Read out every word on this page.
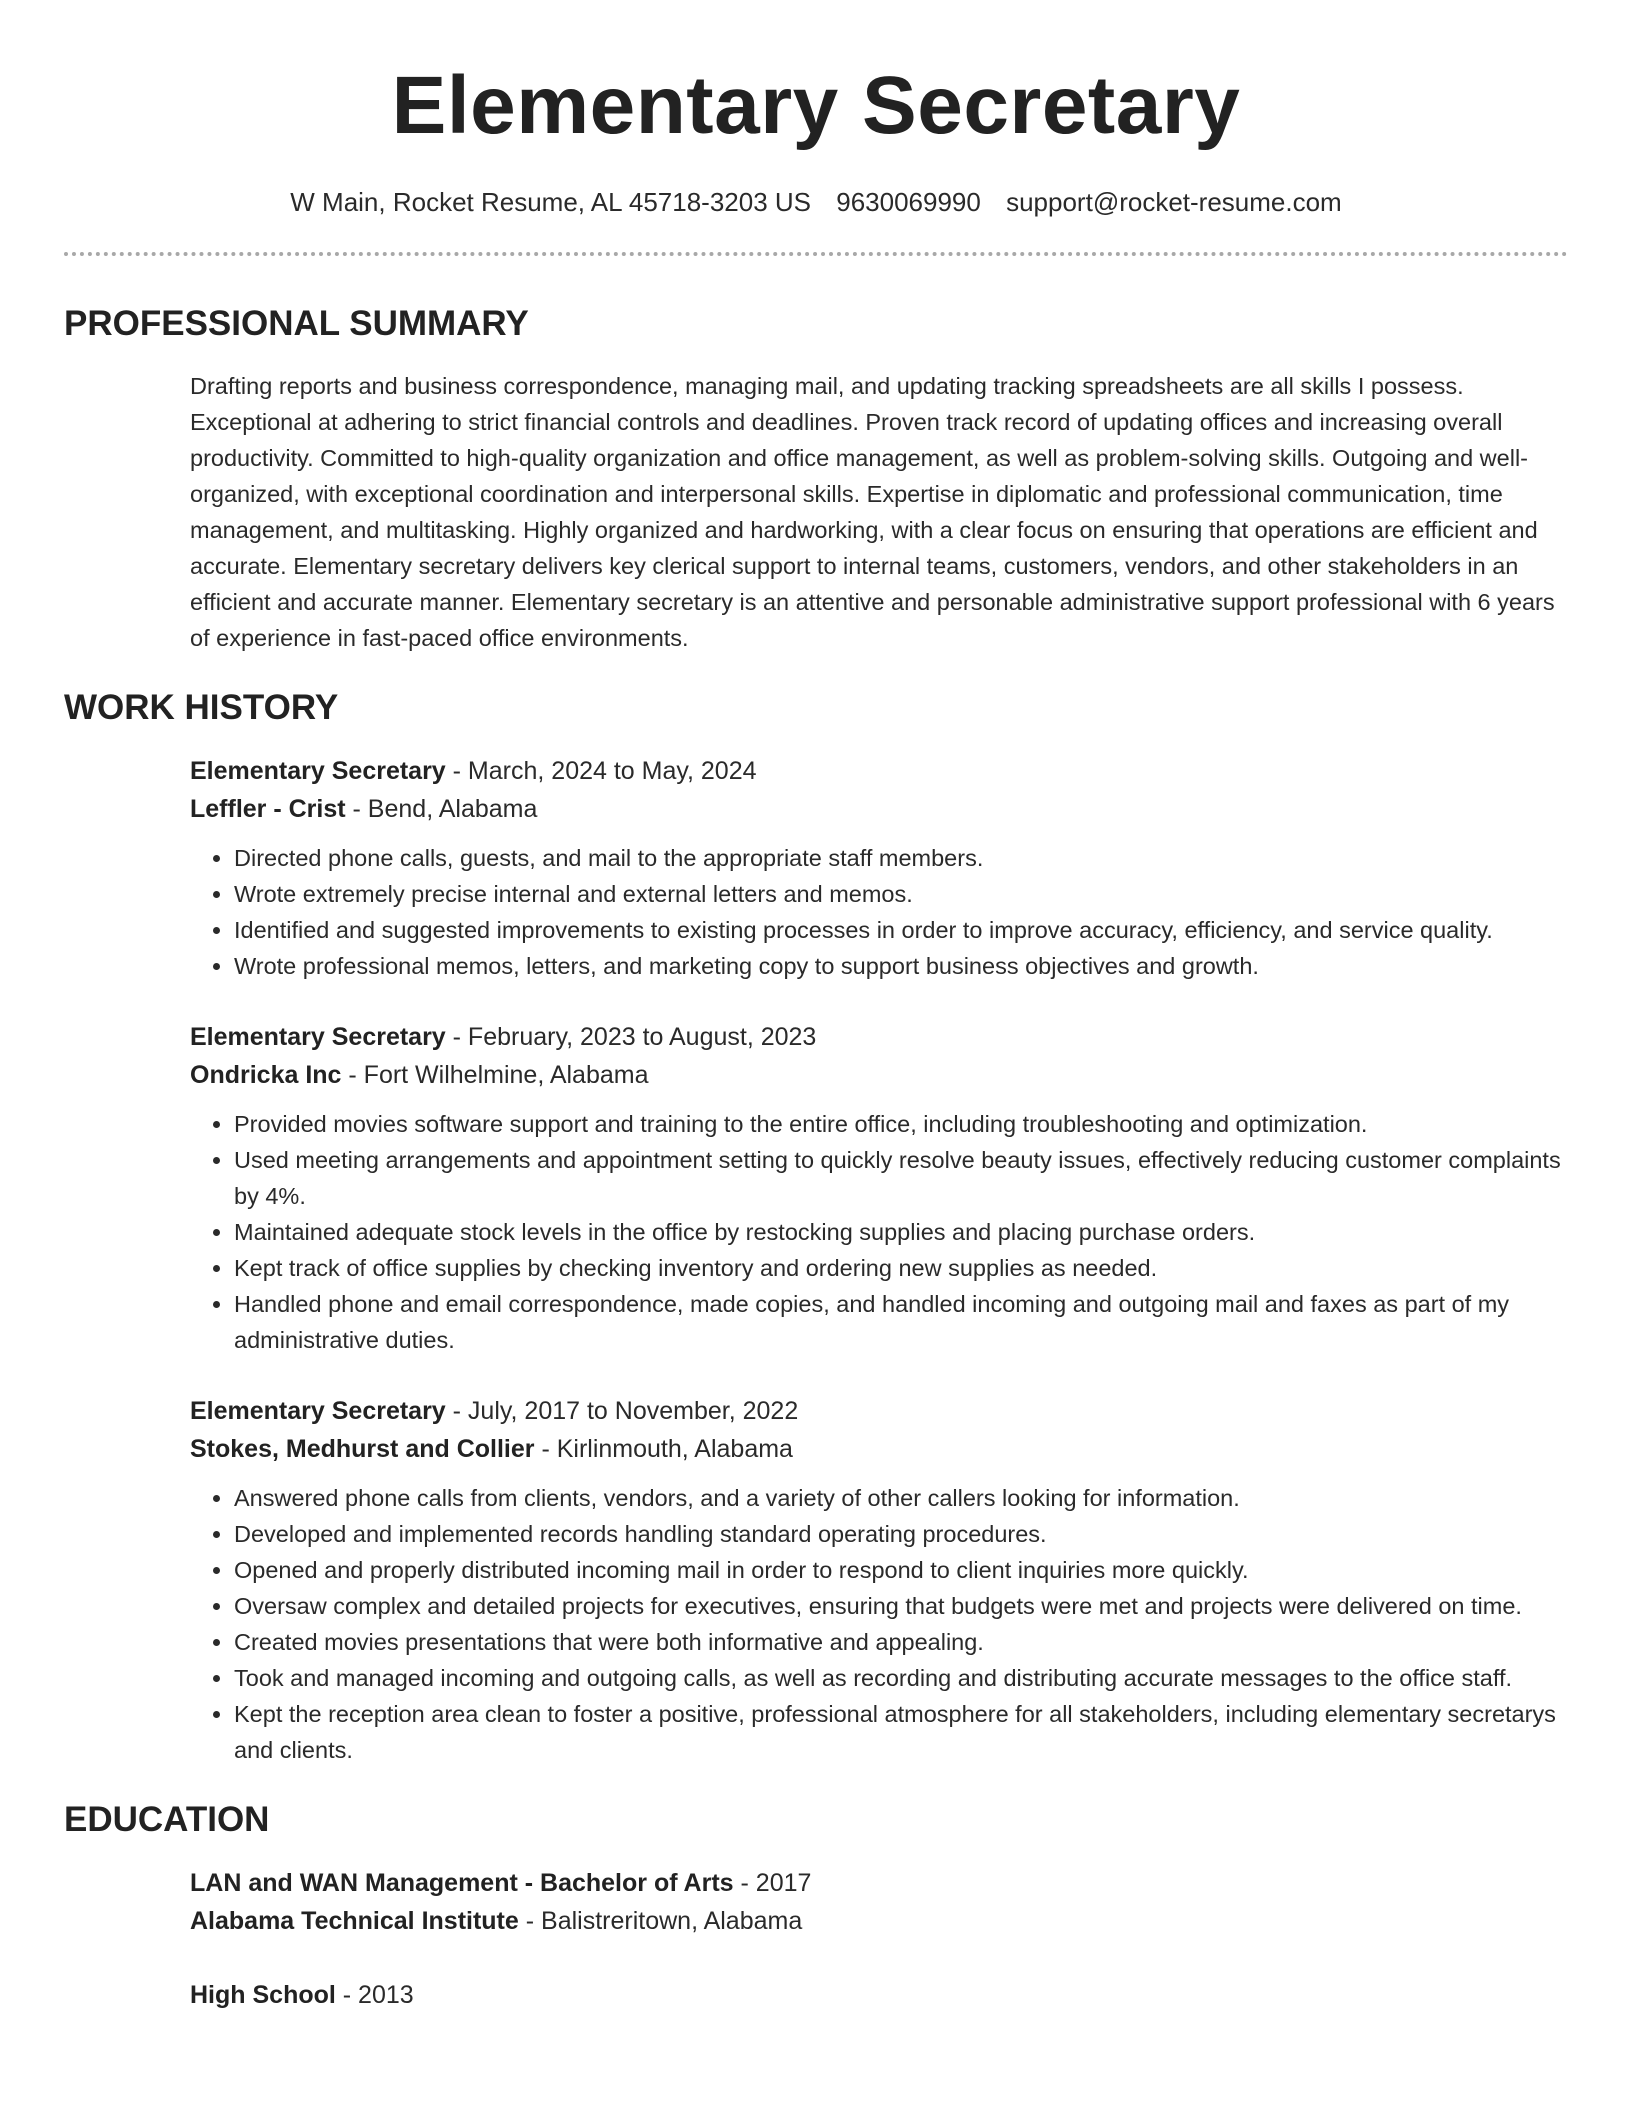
Elementary Secretary
W Main, Rocket Resume, AL 45718-3203 US 9630069990 support@rocket-resume.com
PROFESSIONAL SUMMARY

Drafting reports and business correspondence, managing mail, and updating tracking spreadsheets are all skills I possess. Exceptional at adhering to strict financial controls and deadlines. Proven track record of updating offices and increasing overall productivity. Committed to high-quality organization and office management, as well as problem-solving skills. Outgoing and well-organized, with exceptional coordination and interpersonal skills. Expertise in diplomatic and professional communication, time management, and multitasking. Highly organized and hardworking, with a clear focus on ensuring that operations are efficient and accurate. Elementary secretary delivers key clerical support to internal teams, customers, vendors, and other stakeholders in an efficient and accurate manner. Elementary secretary is an attentive and personable administrative support professional with 6 years of experience in fast-paced office environments.

WORK HISTORY
Elementary Secretary - March, 2024 to May, 2024
Leffler - Crist - Bend, Alabama
• Directed phone calls, guests, and mail to the appropriate staff members.
• Wrote extremely precise internal and external letters and memos.
• Identified and suggested improvements to existing processes in order to improve accuracy, efficiency, and service quality.
• Wrote professional memos, letters, and marketing copy to support business objectives and growth.
Elementary Secretary - February, 2023 to August, 2023
Ondricka Inc - Fort Wilhelmine, Alabama
• Provided movies software support and training to the entire office, including troubleshooting and optimization.
• Used meeting arrangements and appointment setting to quickly resolve beauty issues, effectively reducing customer complaints by 4%.
• Maintained adequate stock levels in the office by restocking supplies and placing purchase orders.
• Kept track of office supplies by checking inventory and ordering new supplies as needed.
• Handled phone and email correspondence, made copies, and handled incoming and outgoing mail and faxes as part of my administrative duties.
Elementary Secretary - July, 2017 to November, 2022
Stokes, Medhurst and Collier - Kirlinmouth, Alabama
• Answered phone calls from clients, vendors, and a variety of other callers looking for information.
• Developed and implemented records handling standard operating procedures.
• Opened and properly distributed incoming mail in order to respond to client inquiries more quickly.
• Oversaw complex and detailed projects for executives, ensuring that budgets were met and projects were delivered on time.
• Created movies presentations that were both informative and appealing.
• Took and managed incoming and outgoing calls, as well as recording and distributing accurate messages to the office staff.
• Kept the reception area clean to foster a positive, professional atmosphere for all stakeholders, including elementary secretarys and clients.
EDUCATION
LAN and WAN Management - Bachelor of Arts - 2017
Alabama Technical Institute - Balistreritown, Alabama
High School - 2013
